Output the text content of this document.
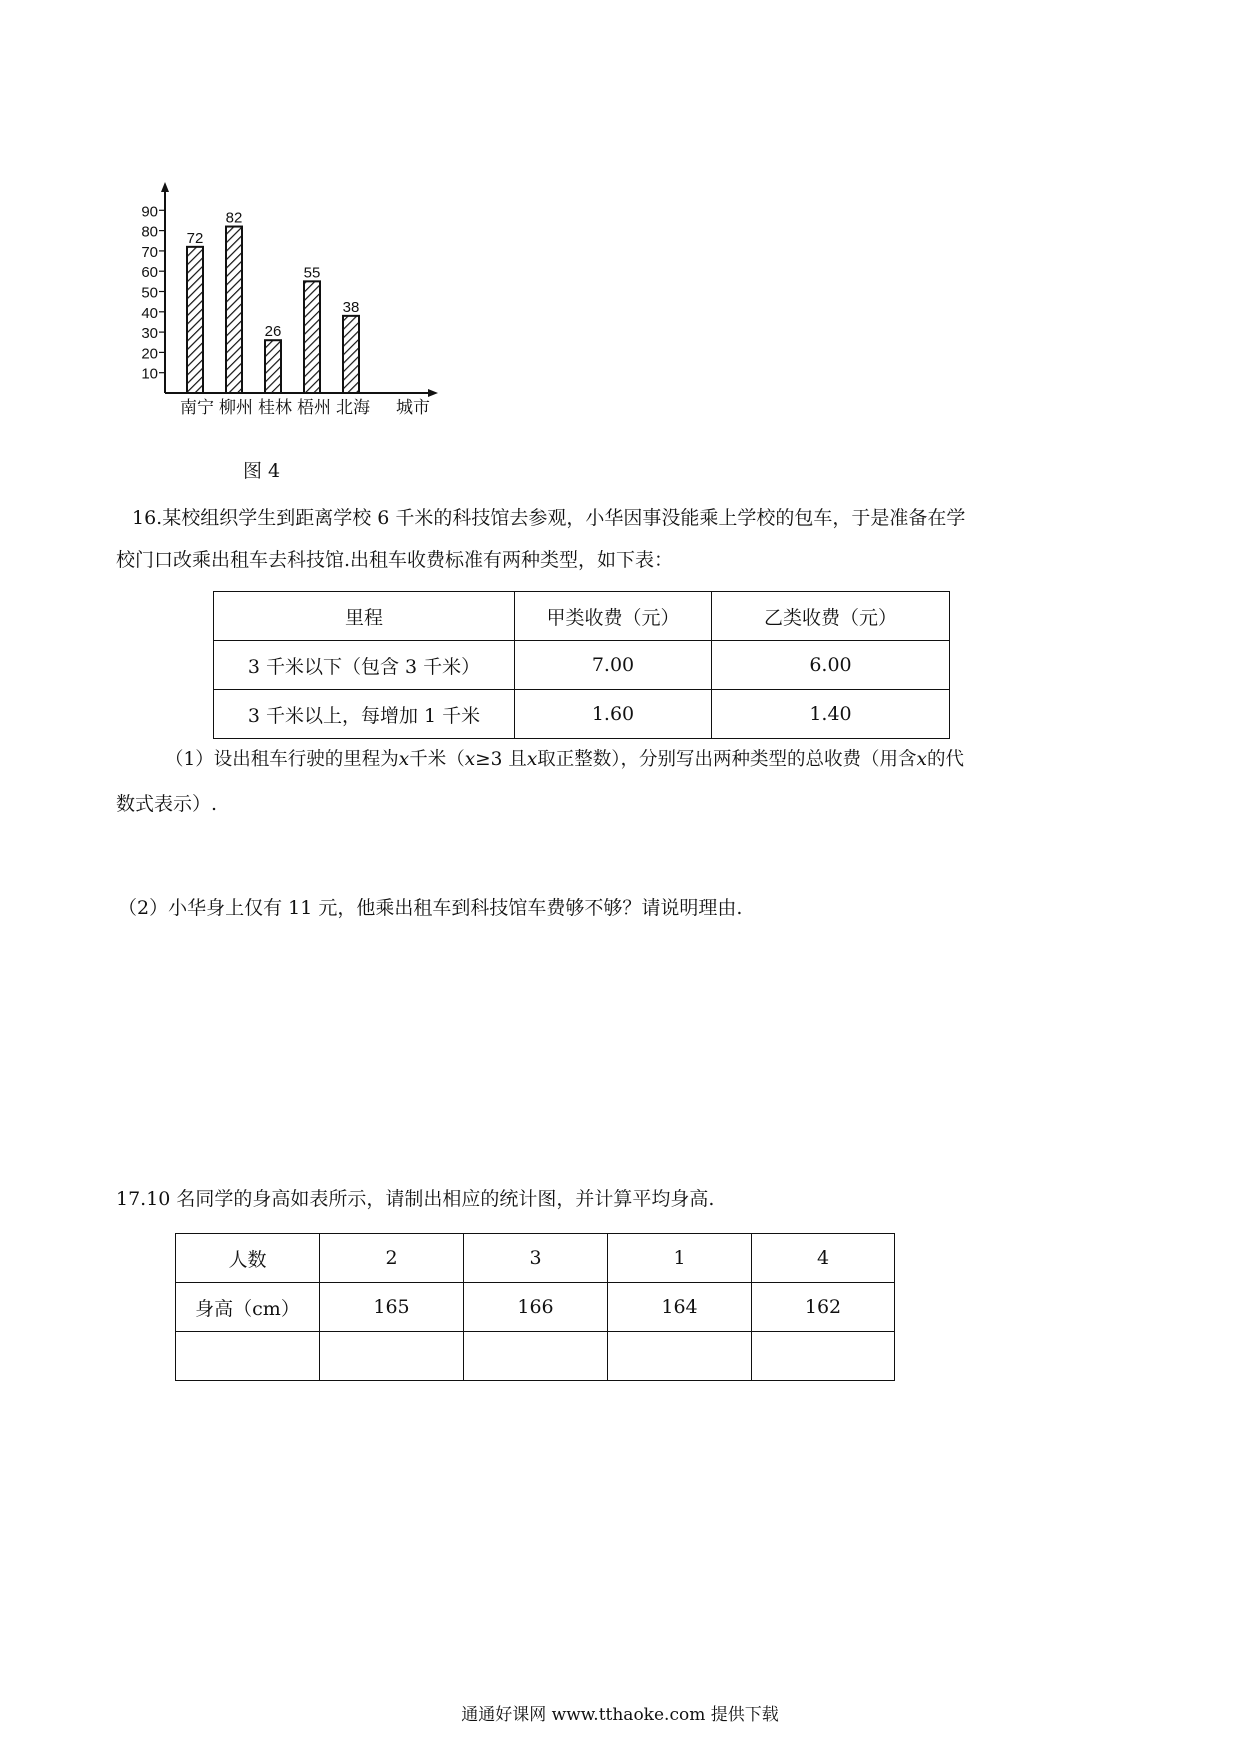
10
20
30
40
50
60
70
80
90
72
南宁
82
柳州
26
桂林
55
梧州
38
北海 城市
图 4
16.某校组织学生到距离学校 6 千米的科技馆去参观，小华因事没能乘上学校的包车，于是准备在学
校门口改乘出租车去科技馆.出租车收费标准有两种类型，如下表：
里程	甲类收费（元）	乙类收费（元）
3 千米以下（包含 3 千米）	7.00	6.00
3 千米以上，每增加 1 千米	1.60	1.40
（1）设出租车行驶的里程为x千米（x≥3 且x取正整数），分别写出两种类型的总收费（用含x的代
数式表示）.
（2）小华身上仅有 11 元，他乘出租车到科技馆车费够不够？请说明理由.
17.10 名同学的身高如表所示，请制出相应的统计图，并计算平均身高.
人数	2	3	1	4
身高（cm）	165	166	164	162

通通好课网 www.tthaoke.com 提供下载
